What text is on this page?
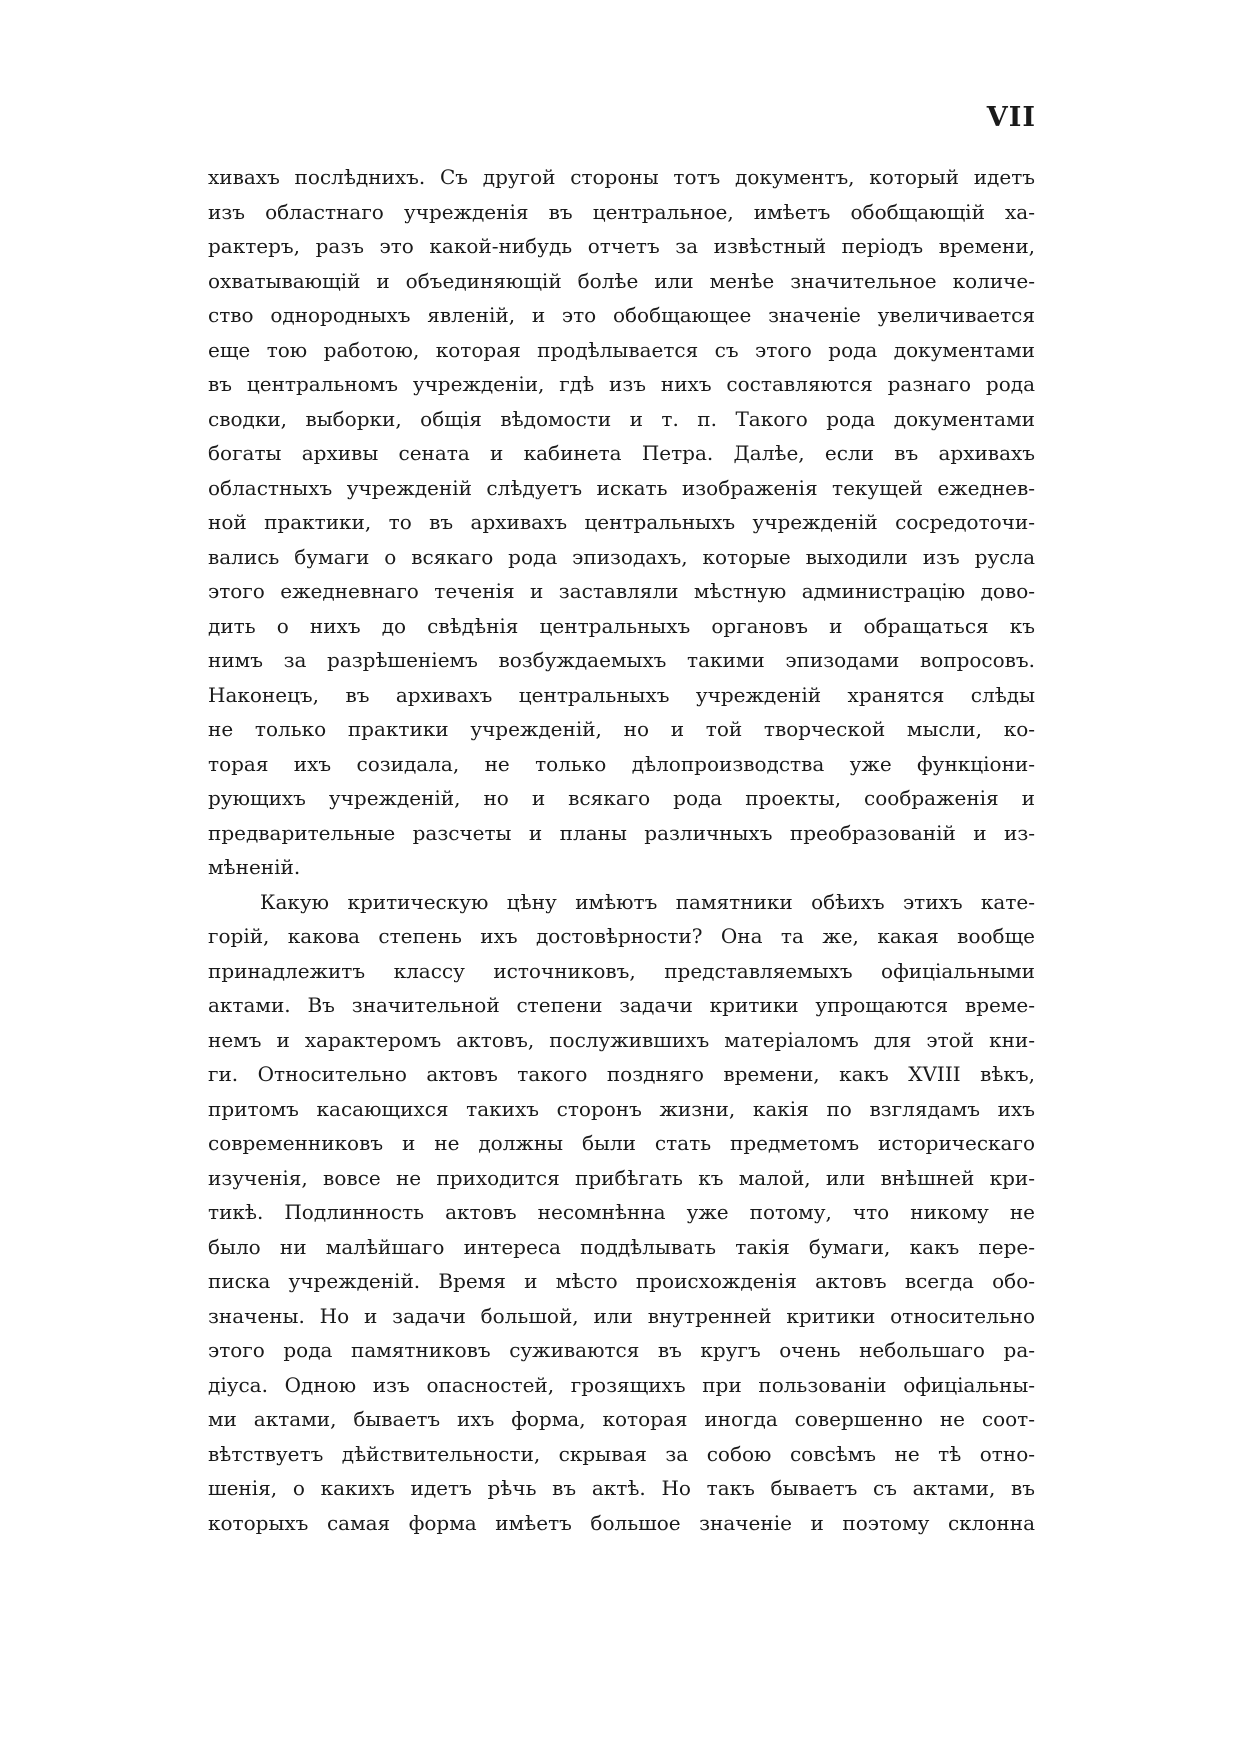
VII
хивахъ послѣднихъ. Съ другой стороны тотъ документъ, который идетъ
изъ областнаго учрежденія въ центральное, имѣетъ обобщающій ха-
рактеръ, разъ это какой-нибудь отчетъ за извѣстный періодъ времени,
охватывающій и объединяющій болѣе или менѣе значительное количе-
ство однородныхъ явленій, и это обобщающее значеніе увеличивается
еще тою работою, которая продѣлывается съ этого рода документами
въ центральномъ учрежденіи, гдѣ изъ нихъ составляются разнаго рода
сводки, выборки, общія вѣдомости и т. п. Такого рода документами
богаты архивы сената и кабинета Петра. Далѣе, если въ архивахъ
областныхъ учрежденій слѣдуетъ искать изображенія текущей ежеднев-
ной практики, то въ архивахъ центральныхъ учрежденій сосредоточи-
вались бумаги о всякаго рода эпизодахъ, которые выходили изъ русла
этого ежедневнаго теченія и заставляли мѣстную администрацію дово-
дить о нихъ до свѣдѣнія центральныхъ органовъ и обращаться къ
нимъ за разрѣшеніемъ возбуждаемыхъ такими эпизодами вопросовъ.
Наконецъ, въ архивахъ центральныхъ учрежденій хранятся слѣды
не только практики учрежденій, но и той творческой мысли, ко-
торая ихъ созидала, не только дѣлопроизводства уже функціони-
рующихъ учрежденій, но и всякаго рода проекты, соображенія и
предварительные разсчеты и планы различныхъ преобразованій и из-
мѣненій.
Какую критическую цѣну имѣютъ памятники обѣихъ этихъ кате-
горій, какова степень ихъ достовѣрности? Она та же, какая вообще
принадлежитъ классу источниковъ, представляемыхъ офиціальными
актами. Въ значительной степени задачи критики упрощаются време-
немъ и характеромъ актовъ, послужившихъ матеріаломъ для этой кни-
ги. Относительно актовъ такого поздняго времени, какъ XVIII вѣкъ,
притомъ касающихся такихъ сторонъ жизни, какія по взглядамъ ихъ
современниковъ и не должны были стать предметомъ историческаго
изученія, вовсе не приходится прибѣгать къ малой, или внѣшней кри-
тикѣ. Подлинность актовъ несомнѣнна уже потому, что никому не
было ни малѣйшаго интереса поддѣлывать такія бумаги, какъ пере-
писка учрежденій. Время и мѣсто происхожденія актовъ всегда обо-
значены. Но и задачи большой, или внутренней критики относительно
этого рода памятниковъ суживаются въ кругъ очень небольшаго ра-
діуса. Одною изъ опасностей, грозящихъ при пользованіи офиціальны-
ми актами, бываетъ ихъ форма, которая иногда совершенно не соот-
вѣтствуетъ дѣйствительности, скрывая за собою совсѣмъ не тѣ отно-
шенія, о какихъ идетъ рѣчь въ актѣ. Но такъ бываетъ съ актами, въ
которыхъ самая форма имѣетъ большое значеніе и поэтому склонна
